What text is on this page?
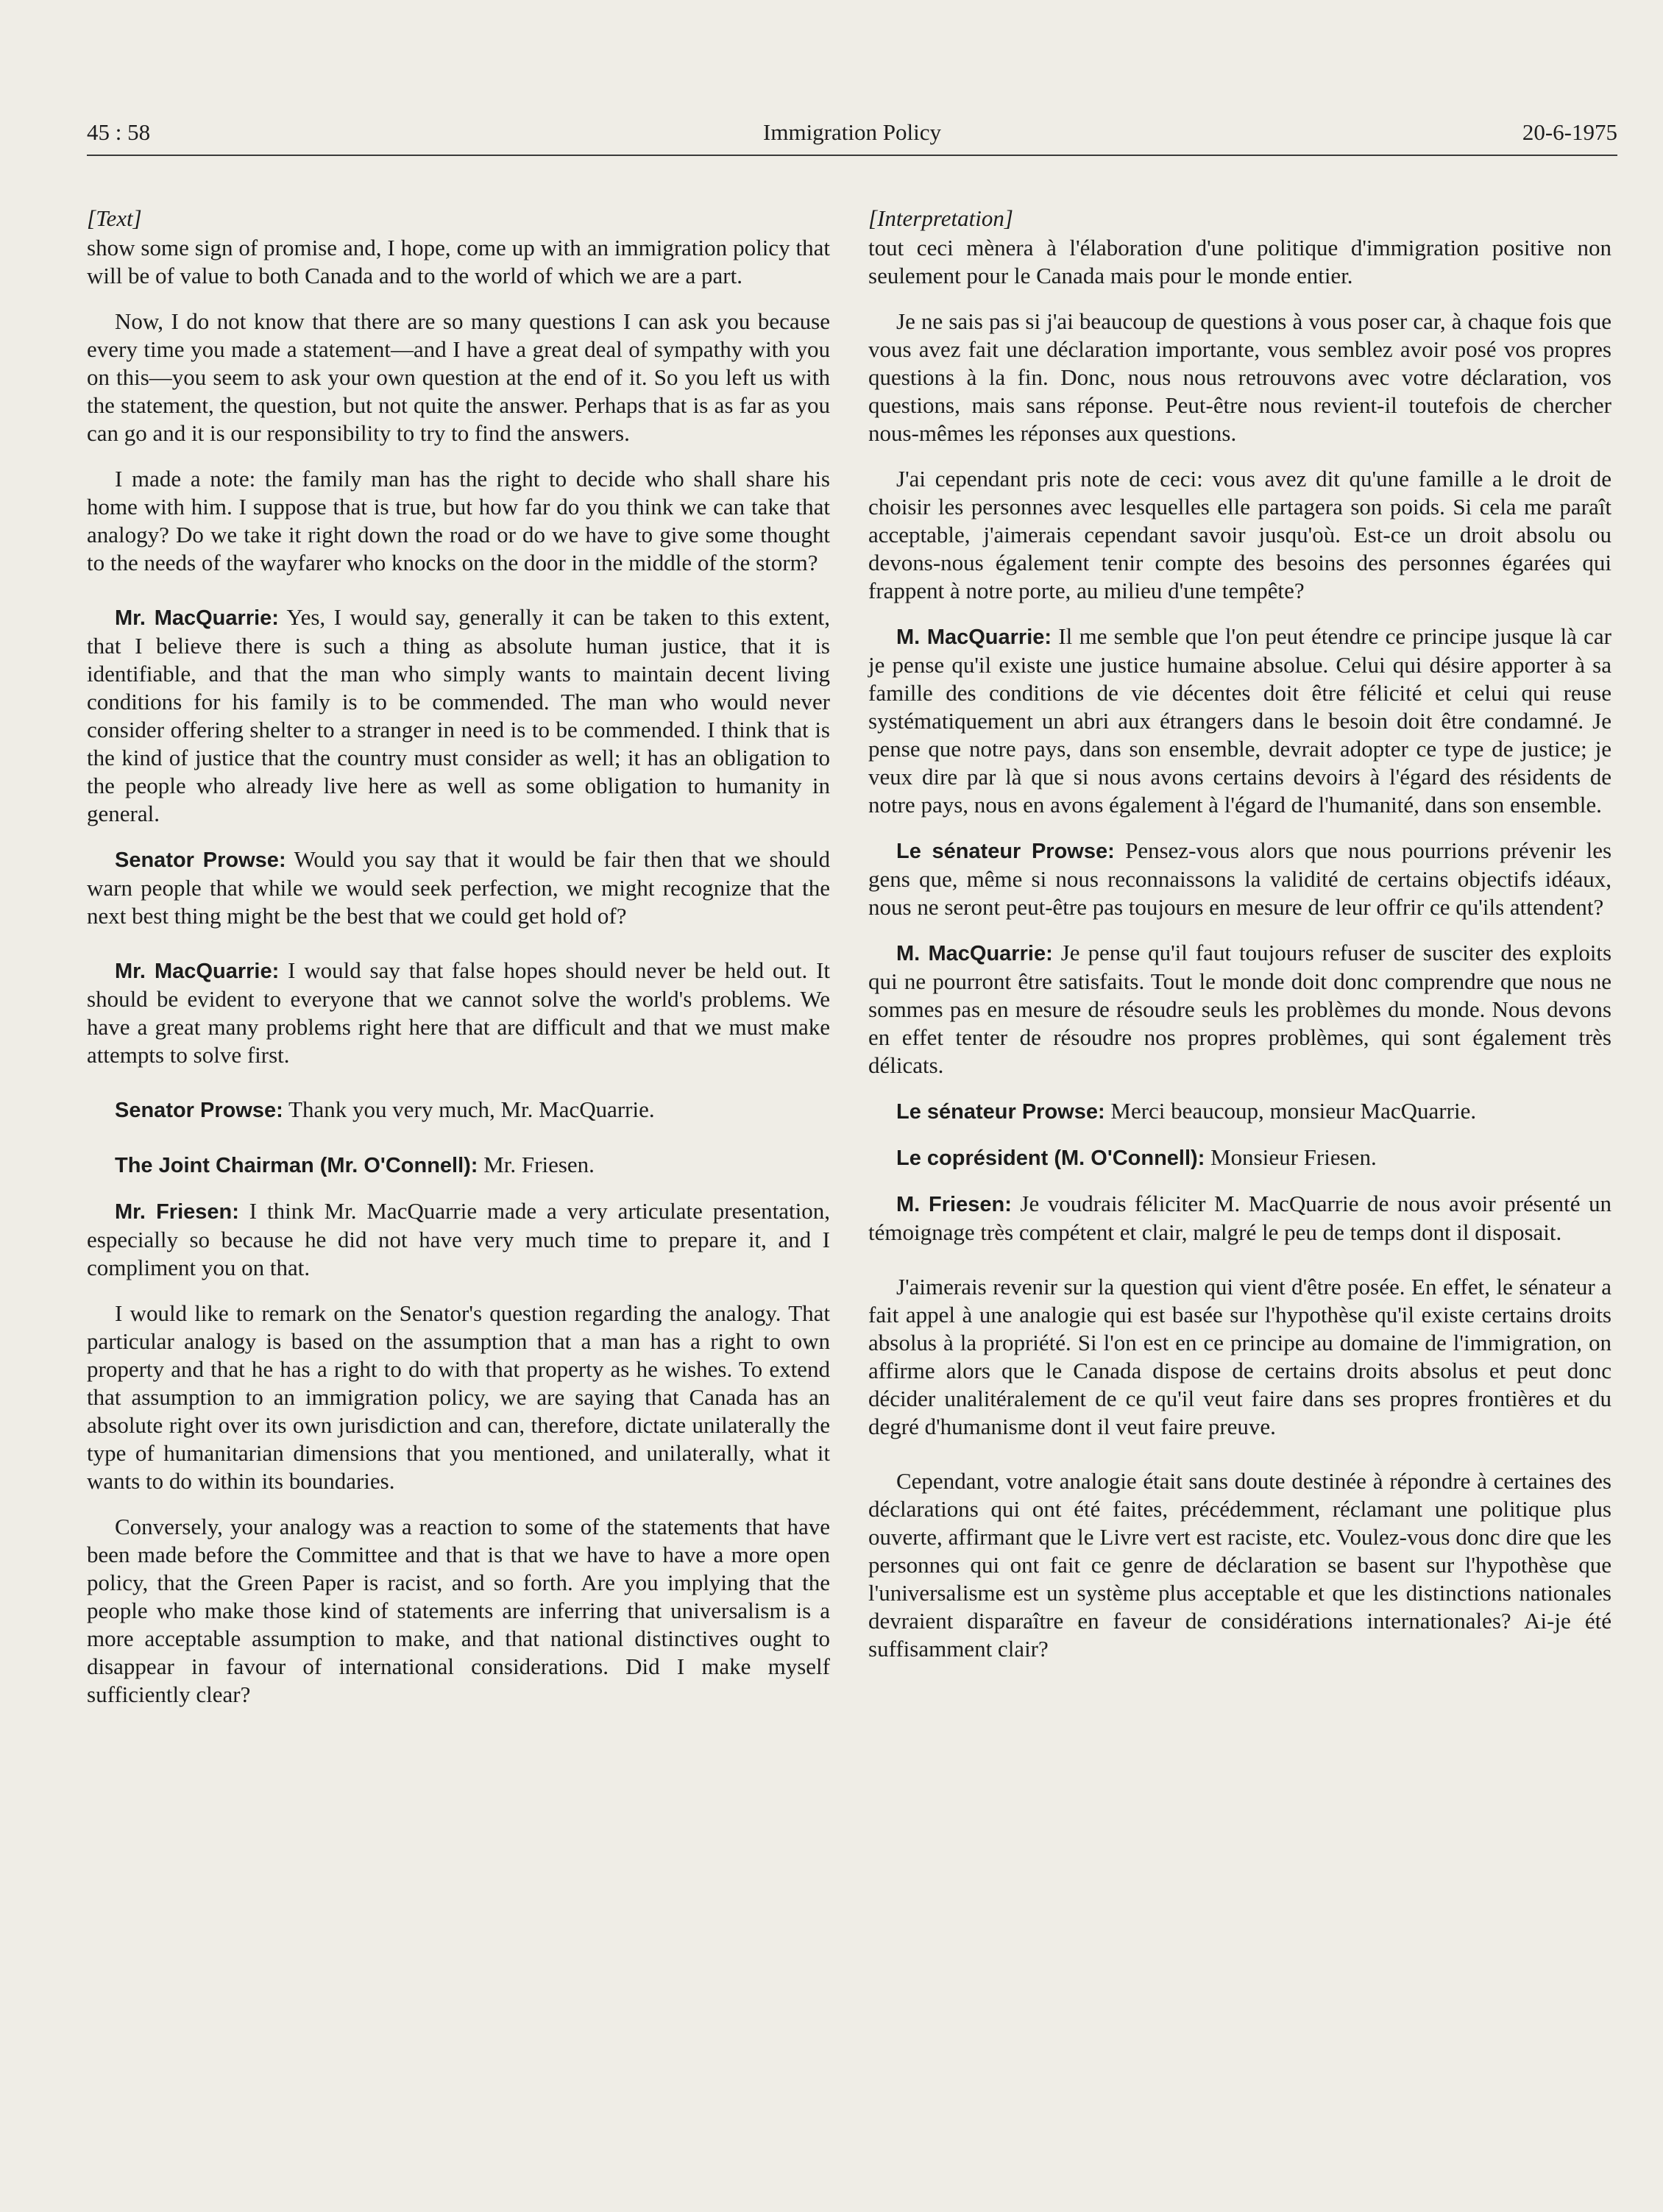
45 : 58	Immigration Policy	20-6-1975
[Text]

show some sign of promise and, I hope, come up with an immigration policy that will be of value to both Canada and to the world of which we are a part.

Now, I do not know that there are so many questions I can ask you because every time you made a statement—and I have a great deal of sympathy with you on this—you seem to ask your own question at the end of it. So you left us with the statement, the question, but not quite the answer. Perhaps that is as far as you can go and it is our responsibility to try to find the answers.

I made a note: the family man has the right to decide who shall share his home with him. I suppose that is true, but how far do you think we can take that analogy? Do we take it right down the road or do we have to give some thought to the needs of the wayfarer who knocks on the door in the middle of the storm?

Mr. MacQuarrie: Yes, I would say, generally it can be taken to this extent, that I believe there is such a thing as absolute human justice, that it is identifiable, and that the man who simply wants to maintain decent living conditions for his family is to be commended. The man who would never consider offering shelter to a stranger in need is to be commended. I think that is the kind of justice that the country must consider as well; it has an obligation to the people who already live here as well as some obligation to humanity in general.

Senator Prowse: Would you say that it would be fair then that we should warn people that while we would seek perfection, we might recognize that the next best thing might be the best that we could get hold of?

Mr. MacQuarrie: I would say that false hopes should never be held out. It should be evident to everyone that we cannot solve the world's problems. We have a great many problems right here that are difficult and that we must make attempts to solve first.

Senator Prowse: Thank you very much, Mr. MacQuarrie.

The Joint Chairman (Mr. O'Connell): Mr. Friesen.

Mr. Friesen: I think Mr. MacQuarrie made a very articulate presentation, especially so because he did not have very much time to prepare it, and I compliment you on that.

I would like to remark on the Senator's question regarding the analogy. That particular analogy is based on the assumption that a man has a right to own property and that he has a right to do with that property as he wishes. To extend that assumption to an immigration policy, we are saying that Canada has an absolute right over its own jurisdiction and can, therefore, dictate unilaterally the type of humanitarian dimensions that you mentioned, and unilaterally, what it wants to do within its boundaries.

Conversely, your analogy was a reaction to some of the statements that have been made before the Committee and that is that we have to have a more open policy, that the Green Paper is racist, and so forth. Are you implying that the people who make those kind of statements are inferring that universalism is a more acceptable assumption to make, and that national distinctives ought to disappear in favour of international considerations. Did I make myself sufficiently clear?

[Interpretation]

tout ceci mènera à l'élaboration d'une politique d'immigration positive non seulement pour le Canada mais pour le monde entier.

Je ne sais pas si j'ai beaucoup de questions à vous poser car, à chaque fois que vous avez fait une déclaration importante, vous semblez avoir posé vos propres questions à la fin. Donc, nous nous retrouvons avec votre déclaration, vos questions, mais sans réponse. Peut-être nous revient-il toutefois de chercher nous-mêmes les réponses aux questions.

J'ai cependant pris note de ceci: vous avez dit qu'une famille a le droit de choisir les personnes avec lesquelles elle partagera son poids. Si cela me paraît acceptable, j'aimerais cependant savoir jusqu'où. Est-ce un droit absolu ou devons-nous également tenir compte des besoins des personnes égarées qui frappent à notre porte, au milieu d'une tempête?

M. MacQuarrie: Il me semble que l'on peut étendre ce principe jusque là car je pense qu'il existe une justice humaine absolue. Celui qui désire apporter à sa famille des conditions de vie décentes doit être félicité et celui qui reuse systématiquement un abri aux étrangers dans le besoin doit être condamné. Je pense que notre pays, dans son ensemble, devrait adopter ce type de justice; je veux dire par là que si nous avons certains devoirs à l'égard des résidents de notre pays, nous en avons également à l'égard de l'humanité, dans son ensemble.

Le sénateur Prowse: Pensez-vous alors que nous pourrions prévenir les gens que, même si nous reconnaissons la validité de certains objectifs idéaux, nous ne seront peut-être pas toujours en mesure de leur offrir ce qu'ils attendent?

M. MacQuarrie: Je pense qu'il faut toujours refuser de susciter des exploits qui ne pourront être satisfaits. Tout le monde doit donc comprendre que nous ne sommes pas en mesure de résoudre seuls les problèmes du monde. Nous devons en effet tenter de résoudre nos propres problèmes, qui sont également très délicats.

Le sénateur Prowse: Merci beaucoup, monsieur MacQuarrie.

Le coprésident (M. O'Connell): Monsieur Friesen.

M. Friesen: Je voudrais féliciter M. MacQuarrie de nous avoir présenté un témoignage très compétent et clair, malgré le peu de temps dont il disposait.

J'aimerais revenir sur la question qui vient d'être posée. En effet, le sénateur a fait appel à une analogie qui est basée sur l'hypothèse qu'il existe certains droits absolus à la propriété. Si l'on est en ce principe au domaine de l'immigration, on affirme alors que le Canada dispose de certains droits absolus et peut donc décider unalitéralement de ce qu'il veut faire dans ses propres frontières et du degré d'humanisme dont il veut faire preuve.

Cependant, votre analogie était sans doute destinée à répondre à certaines des déclarations qui ont été faites, précédemment, réclamant une politique plus ouverte, affirmant que le Livre vert est raciste, etc. Voulez-vous donc dire que les personnes qui ont fait ce genre de déclaration se basent sur l'hypothèse que l'universalisme est un système plus acceptable et que les distinctions nationales devraient disparaître en faveur de considérations internationales? Ai-je été suffisamment clair?
